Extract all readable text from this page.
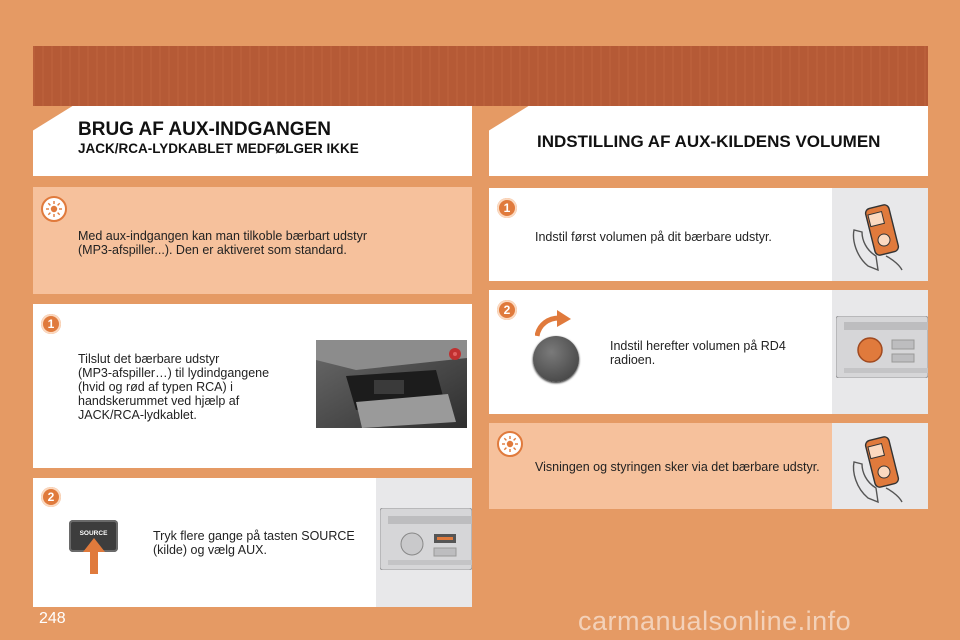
BRUG AF AUX-INDGANGEN
JACK/RCA-LYDKABLET MEDFØLGER IKKE	INDSTILLING AF AUX-KILDENS VOLUMEN
Med aux-indgangen kan man tilkoble bærbart udstyr
(MP3-afspiller...). Den er aktiveret som standard.
1
Tilslut det bærbare udstyr
(MP3-afspiller…) til lydindgangene
(hvid og rød af typen RCA) i
handskerummet ved hjælp af
JACK/RCA-lydkablet.
2
SOURCE	Tryk flere gange på tasten SOURCE
(kilde) og vælg AUX.
1
Indstil først volumen på dit bærbare udstyr.
2
Indstil herefter volumen på RD4
radioen.
Visningen og styringen sker via det bærbare udstyr.
248	carmanualsonline.info
